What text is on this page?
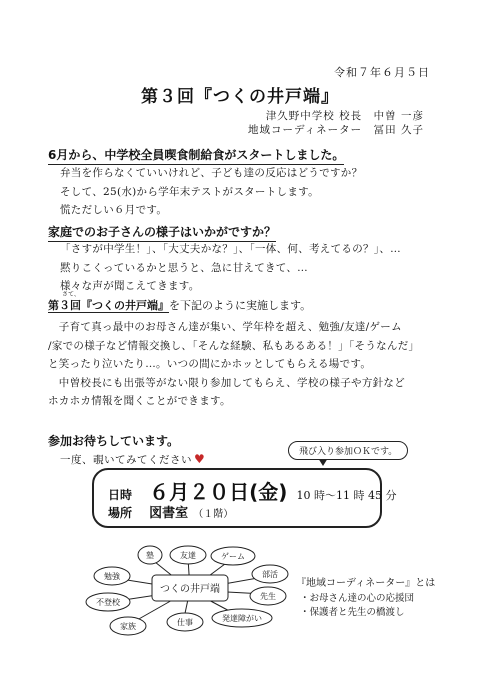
令和７年６月５日
第３回『つくの井戸端』
津久野中学校 校長　中曽 一彦
地域コーディネーター　冨田 久子
6月から、中学校全員喫食制給食がスタートしました。
弁当を作らなくていいけれど、子ども達の反応はどうですか？
そして、25(水)から学年末テストがスタートします。
慌ただしい６月です。
家庭でのお子さんの様子はいかがですか？
「さすが中学生！」、「大丈夫かな？」、「一体、何、考えてるの？」、…
黙りこくっているかと思うと、急に甘えてきて、…
様々な声が聞こえてきます。
さて、
第３回『つくの井戸端』を下記のように実施します。
　子育て真っ最中のお母さん達が集い、学年枠を超え、勉強/友達/ゲーム
/家での様子など情報交換し、「そんな経験、私もあるある！」「そうなんだ」
と笑ったり泣いたり…。いつの間にかホッとしてもらえる場です。
　中曽校長にも出張等がない限り参加してもらえ、学校の様子や方針など
ホカホカ情報を聞くことができます。
参加お待ちしています。
一度、覗いてみてください ♥
日時 ６月２０日(金) 10 時～11 時 45 分
場所 図書室 （１階）
飛び入り参加ＯＫです。
つくの井戸端
塾	友達	ゲーム
勉強	部活
不登校
先生
家族	仕事	発達障がい
『地域コーディネーター』とは
・お母さん達の心の応援団
・保護者と先生の橋渡し
